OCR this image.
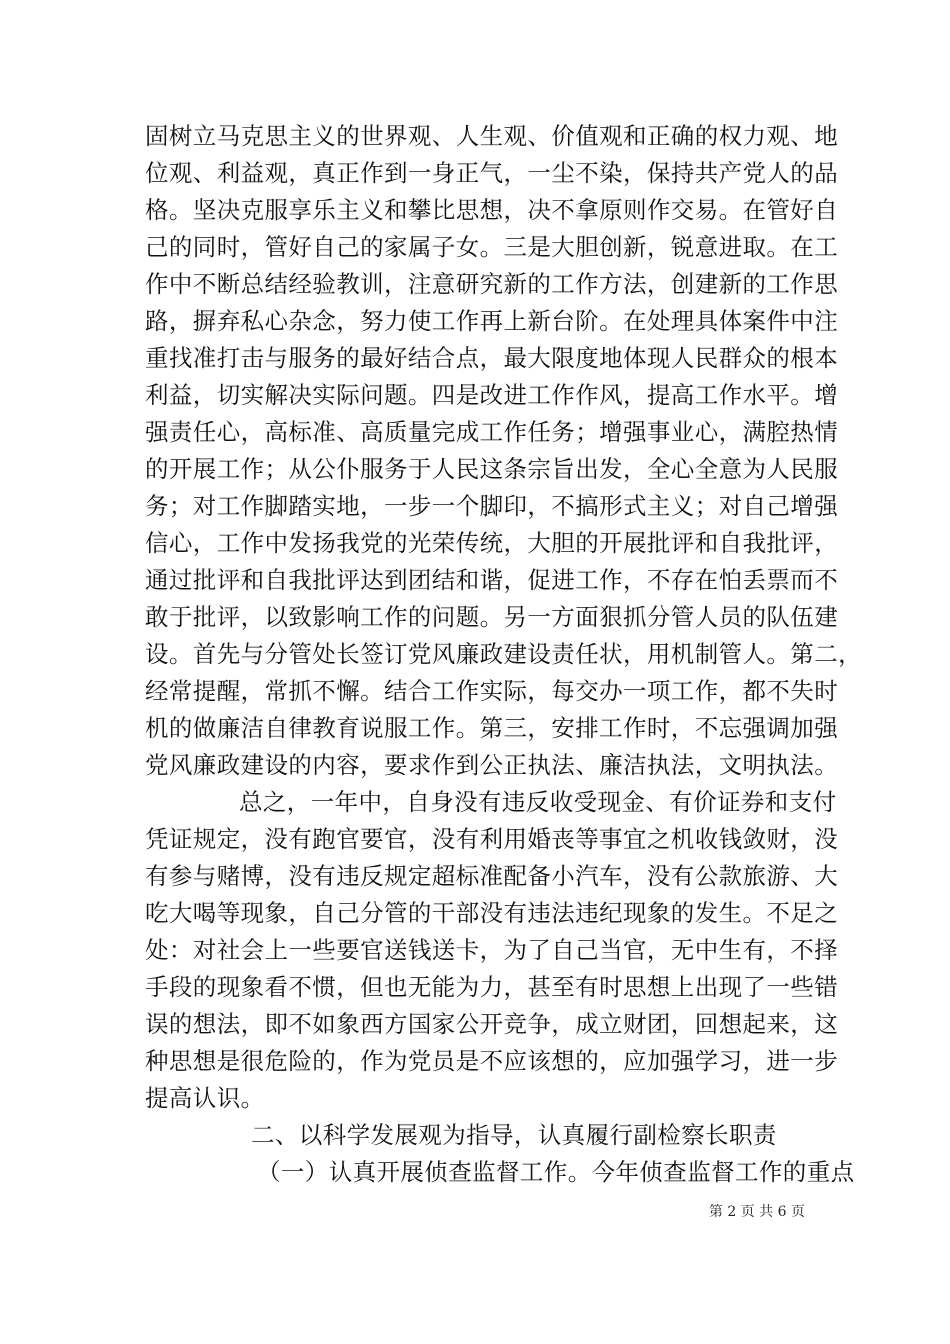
固树立马克思主义的世界观、人生观、价值观和正确的权力观、地
位观、利益观，真正作到一身正气，一尘不染，保持共产党人的品
格。坚决克服享乐主义和攀比思想，决不拿原则作交易。在管好自
己的同时，管好自己的家属子女。三是大胆创新，锐意进取。在工
作中不断总结经验教训，注意研究新的工作方法，创建新的工作思
路，摒弃私心杂念，努力使工作再上新台阶。在处理具体案件中注
重找准打击与服务的最好结合点，最大限度地体现人民群众的根本
利益，切实解决实际问题。四是改进工作作风，提高工作水平。增
强责任心，高标准、高质量完成工作任务；增强事业心，满腔热情
的开展工作；从公仆服务于人民这条宗旨出发，全心全意为人民服
务；对工作脚踏实地，一步一个脚印，不搞形式主义；对自己增强
信心，工作中发扬我党的光荣传统，大胆的开展批评和自我批评，
通过批评和自我批评达到团结和谐，促进工作，不存在怕丢票而不
敢于批评，以致影响工作的问题。另一方面狠抓分管人员的队伍建
设。首先与分管处长签订党风廉政建设责任状，用机制管人。第二，
经常提醒，常抓不懈。结合工作实际，每交办一项工作，都不失时
机的做廉洁自律教育说服工作。第三，安排工作时，不忘强调加强
党风廉政建设的内容，要求作到公正执法、廉洁执法，文明执法。
总之，一年中，自身没有违反收受现金、有价证券和支付
凭证规定，没有跑官要官，没有利用婚丧等事宜之机收钱敛财，没
有参与赌博，没有违反规定超标准配备小汽车，没有公款旅游、大
吃大喝等现象，自己分管的干部没有违法违纪现象的发生。不足之
处：对社会上一些要官送钱送卡，为了自己当官，无中生有，不择
手段的现象看不惯，但也无能为力，甚至有时思想上出现了一些错
误的想法，即不如象西方国家公开竞争，成立财团，回想起来，这
种思想是很危险的，作为党员是不应该想的，应加强学习，进一步
提高认识。
二、以科学发展观为指导，认真履行副检察长职责
（一）认真开展侦查监督工作。今年侦查监督工作的重点
第 2 页 共 6 页
